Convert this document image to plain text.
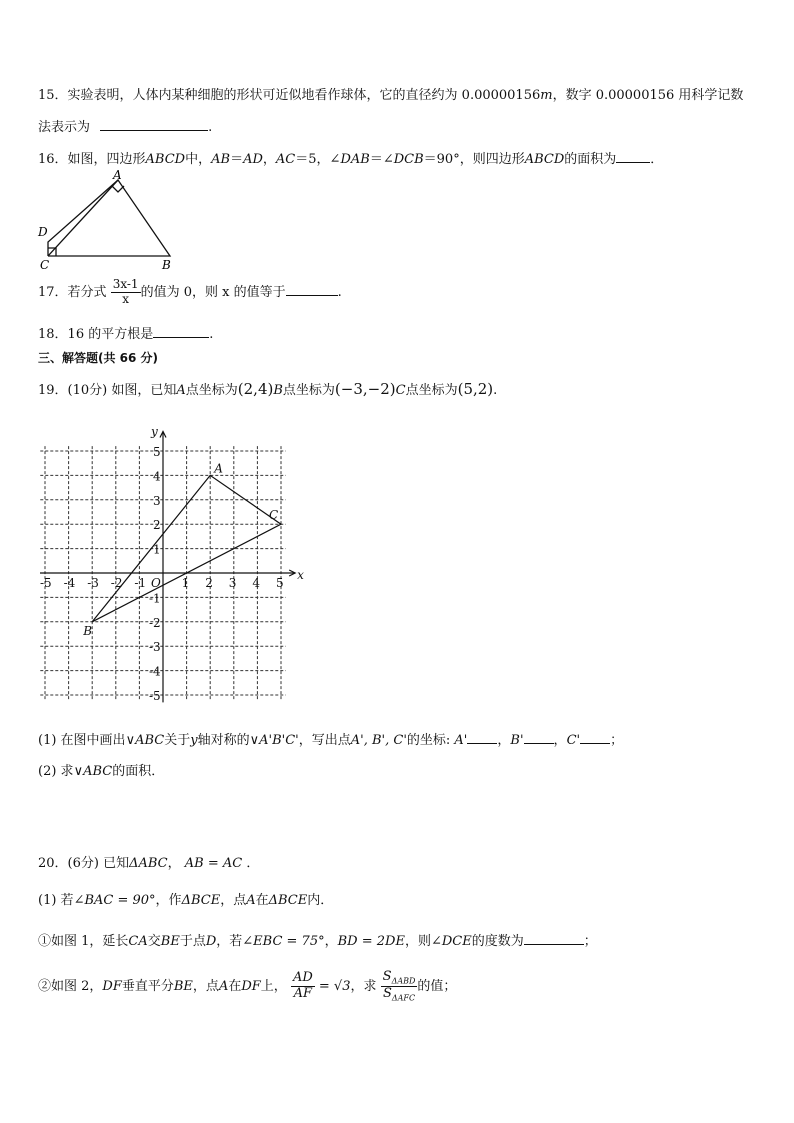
15．实验表明，人体内某种细胞的形状可近似地看作球体，它的直径约为 0.00000156m，数字 0.00000156 用科学记数
法表示为	.
16．如图，四边形ABCD中，AB＝AD，AC＝5，∠DAB＝∠DCB＝90°，则四边形ABCD的面积为	．
A
D
C	B
17．若分式 $\frac{3x-1}{x}$ 的值为 0，则 x 的值等于	.
18．16 的平方根是	.
三、解答题(共 66 分)
19．(10分) 如图，已知A点坐标为(2,4)B点坐标为(−3,−2)C点坐标为(5,2).
-5 -4 -3 -2 -1 O 1 2 3 4 5
5
4
3
2
1
-1
-2
-3
-4
-5
x
y
A
B
C
(1) 在图中画出∨ABC关于y轴对称的∨A'B'C'，写出点A', B', C'的坐标: A' ，B' ，C' ；
(2) 求∨ABC的面积．
20．(6分) 已知ΔABC， AB = AC ．
(1) 若∠BAC = 90°，作ΔBCE，点A在ΔBCE内．
①如图 1，延长CA交BE于点D，若∠EBC = 75°，BD = 2DE，则∠DCE的度数为	；
②如图 2，DF垂直平分BE，点A在DF上， $\frac{AD}{AF} = √3$，求 $\frac{S_{\Delta ABD}}{S_{\Delta AFC}}$ 的值；
